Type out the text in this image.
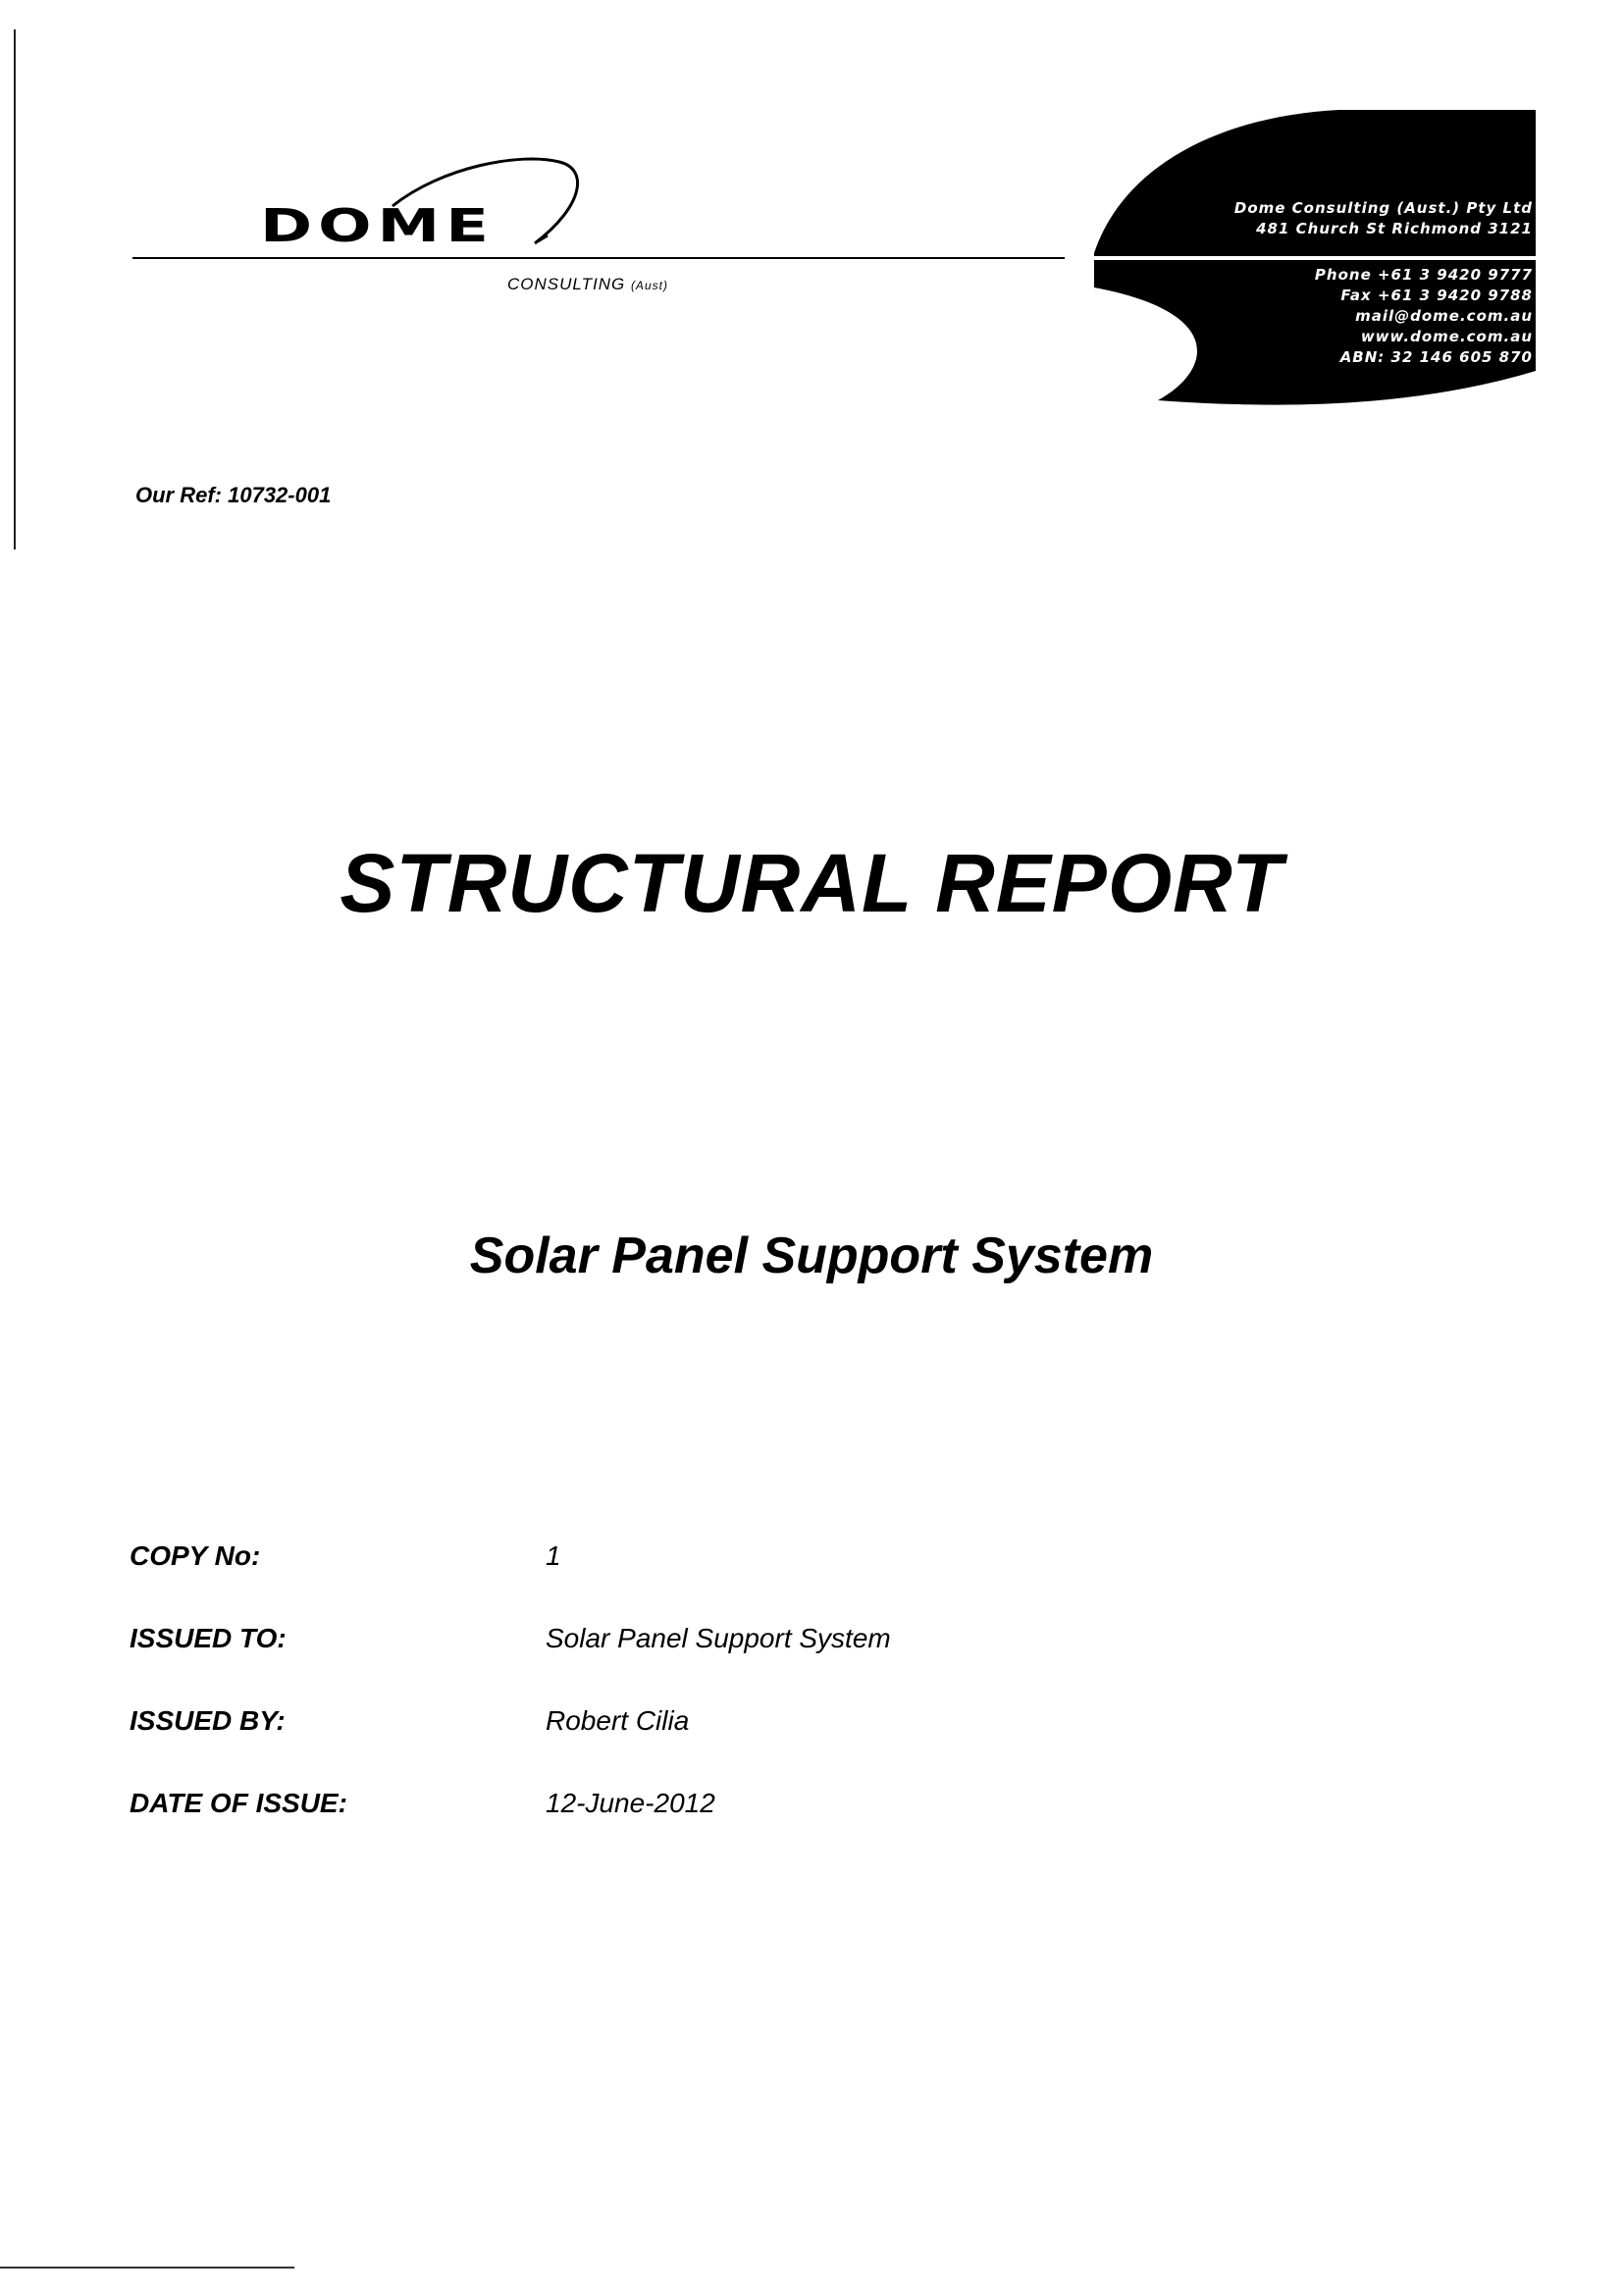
DOME
CONSULTING (Aust)
Dome Consulting (Aust.) Pty Ltd
481 Church St Richmond 3121
Phone +61 3 9420 9777
Fax +61 3 9420 9788
mail@dome.com.au
www.dome.com.au
ABN: 32 146 605 870
Our Ref: 10732-001
STRUCTURAL REPORT
Solar Panel Support System
COPY No:	1
ISSUED TO:	Solar Panel Support System
ISSUED BY:	Robert Cilia
DATE OF ISSUE:	12-June-2012
